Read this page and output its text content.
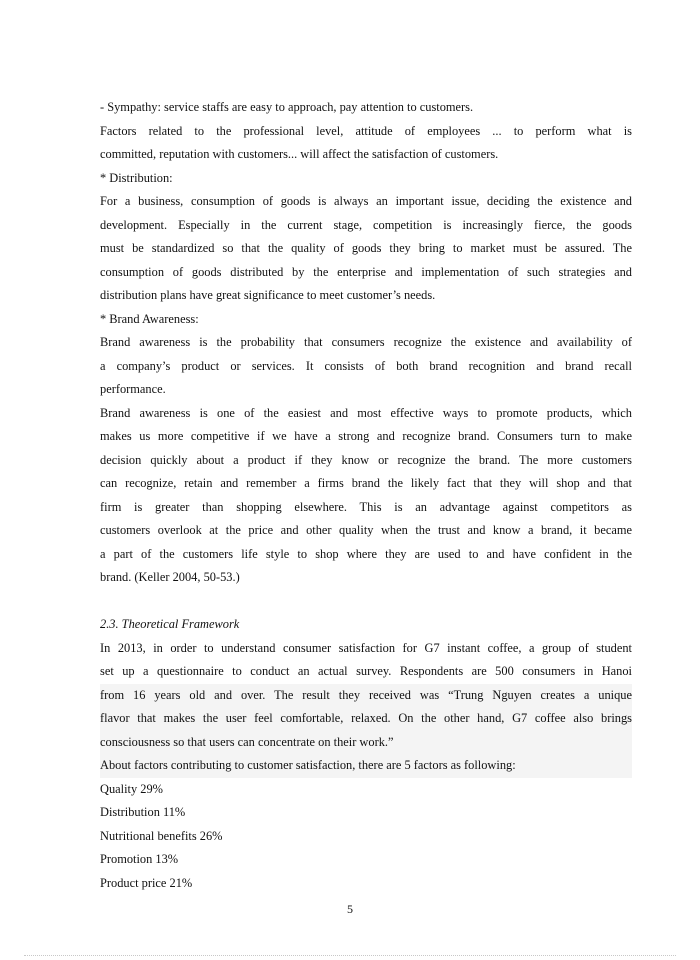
- Sympathy: service staffs are easy to approach, pay attention to customers.
Factors related to the professional level, attitude of employees ... to perform what is
committed, reputation with customers... will affect the satisfaction of customers.
* Distribution:
For a business, consumption of goods is always an important issue, deciding the existence and
development. Especially in the current stage, competition is increasingly fierce, the goods
must be standardized so that the quality of goods they bring to market must be assured. The
consumption of goods distributed by the enterprise and implementation of such strategies and
distribution plans have great significance to meet customer’s needs.
* Brand Awareness:
Brand awareness is the probability that consumers recognize the existence and availability of
a company’s product or services. It consists of both brand recognition and brand recall
performance.
Brand awareness is one of the easiest and most effective ways to promote products, which
makes us more competitive if we have a strong and recognize brand. Consumers turn to make
decision quickly about a product if they know or recognize the brand. The more customers
can recognize, retain and remember a firms brand the likely fact that they will shop and that
firm is greater than shopping elsewhere. This is an advantage against competitors as
customers overlook at the price and other quality when the trust and know a brand, it became
a part of the customers life style to shop where they are used to and have confident in the
brand. (Keller 2004, 50-53.)
2.3. Theoretical Framework
In 2013, in order to understand consumer satisfaction for G7 instant coffee, a group of student
set up a questionnaire to conduct an actual survey. Respondents are 500 consumers in Hanoi
from 16 years old and over. The result they received was “Trung Nguyen creates a unique
flavor that makes the user feel comfortable, relaxed. On the other hand, G7 coffee also brings
consciousness so that users can concentrate on their work.”
About factors contributing to customer satisfaction, there are 5 factors as following:
Quality 29%
Distribution 11%
Nutritional benefits 26%
Promotion 13%
Product price 21%
5
